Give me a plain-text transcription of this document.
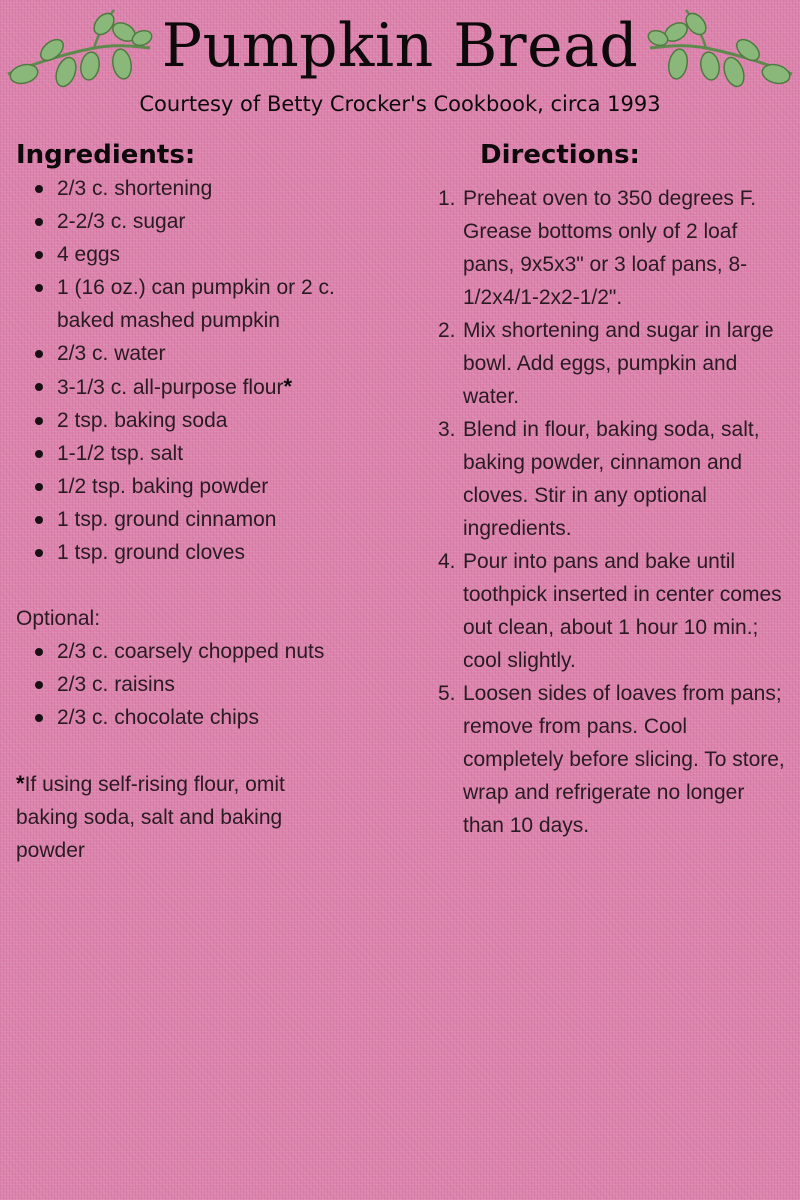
Pumpkin Bread

Courtesy of Betty Crocker's Cookbook, circa 1993

Ingredients:
2/3 c. shortening
2-2/3 c. sugar
4 eggs
1 (16 oz.) can pumpkin or 2 c. baked mashed pumpkin
2/3 c. water
3-1/3 c. all-purpose flour*
2 tsp. baking soda
1-1/2 tsp. salt
1/2 tsp. baking powder
1 tsp. ground cinnamon
1 tsp. ground cloves

Optional:

2/3 c. coarsely chopped nuts
2/3 c. raisins
2/3 c. chocolate chips

*If using self-rising flour, omit baking soda, salt and baking powder

Directions:
1. Preheat oven to 350 degrees F. Grease bottoms only of 2 loaf pans, 9x5x3" or 3 loaf pans, 8-1/2x4/1-2x2-1/2".
2. Mix shortening and sugar in large bowl. Add eggs, pumpkin and water.
3. Blend in flour, baking soda, salt, baking powder, cinnamon and cloves. Stir in any optional ingredients.
4. Pour into pans and bake until toothpick inserted in center comes out clean, about 1 hour 10 min.; cool slightly.
5. Loosen sides of loaves from pans; remove from pans. Cool completely before slicing. To store, wrap and refrigerate no longer than 10 days.
